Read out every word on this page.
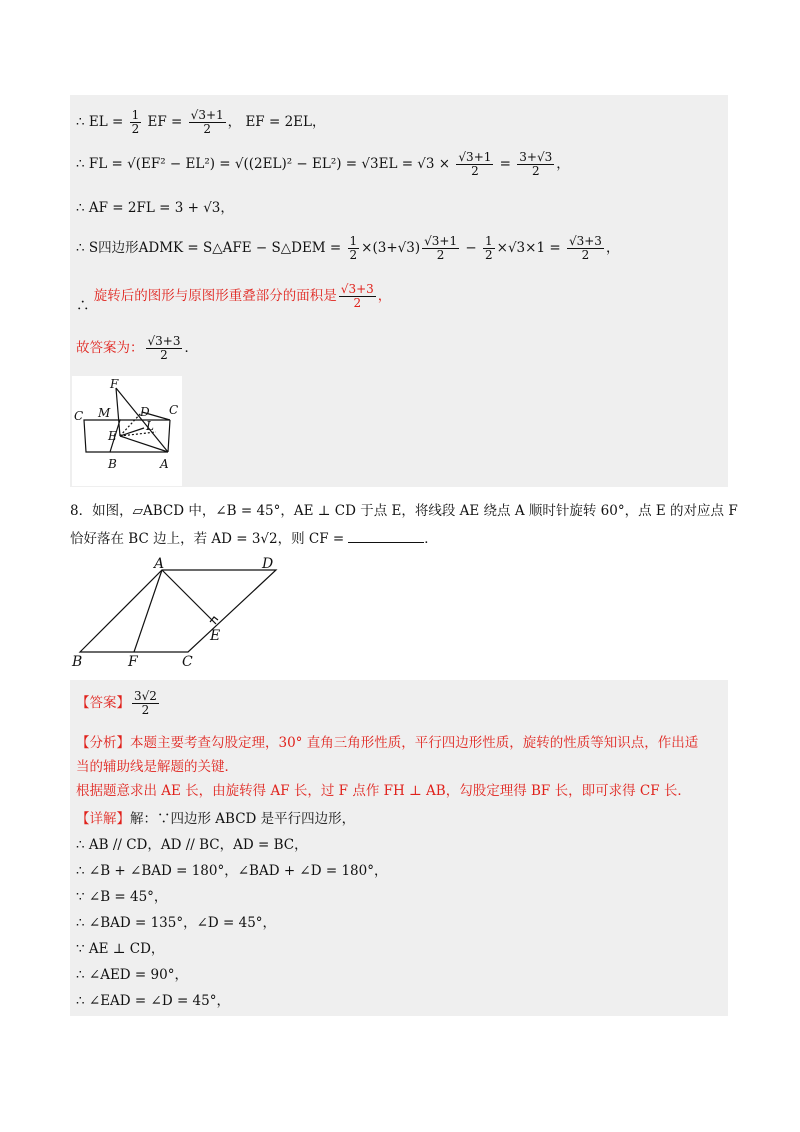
∴ EL = $\frac{1}{2}$ EF = $\frac{√3+1}{2}$ ， EF = 2EL，
∴ FL = $√(EF^2 - EL^2) = √((2EL)^2 - EL^2) = √3EL = √3 \times \frac{√3+1}{2} = \frac{3+√3}{2}$ ，
∴ AF = 2FL = 3 + √3，
∴ S四边形ADMK = S△AFE − S△DEM = $\frac{1}{2} \times(3+√3) \frac{√3+1}{2} - \frac{1}{2} \times√3\times 1 = \frac{√3+3}{2}$ ，
∴ 旋转后的图形与原图形重叠部分的面积是 $\frac{√3+3}{2}$ ，
故答案为： $\frac{√3+3}{2}$ ．
F
C M D C
L
E
B	A
8．如图，▱ABCD 中，∠B = 45°，AE ⊥ CD 于点 E，将线段 AE 绕点 A 顺时针旋转 60°，点 E 的对应点 F
恰好落在 BC 边上，若 AD = 3√2，则 CF =	．
A	D
E
B	F	C
【答案】 $\frac{3√2}{2}$
【分析】本题主要考查勾股定理，30° 直角三角形性质，平行四边形性质，旋转的性质等知识点，作出适
当的辅助线是解题的关键．
根据题意求出 AE 长，由旋转得 AF 长，过 F 点作 FH ⊥ AB，勾股定理得 BF 长，即可求得 CF 长．
【详解】解：∵四边形 ABCD 是平行四边形，
∴ AB // CD，AD // BC，AD = BC，
∴ ∠B + ∠BAD = 180°，∠BAD + ∠D = 180°，
∵ ∠B = 45°，
∴ ∠BAD = 135°，∠D = 45°，
∵ AE ⊥ CD，
∴ ∠AED = 90°，
∴ ∠EAD = ∠D = 45°，
